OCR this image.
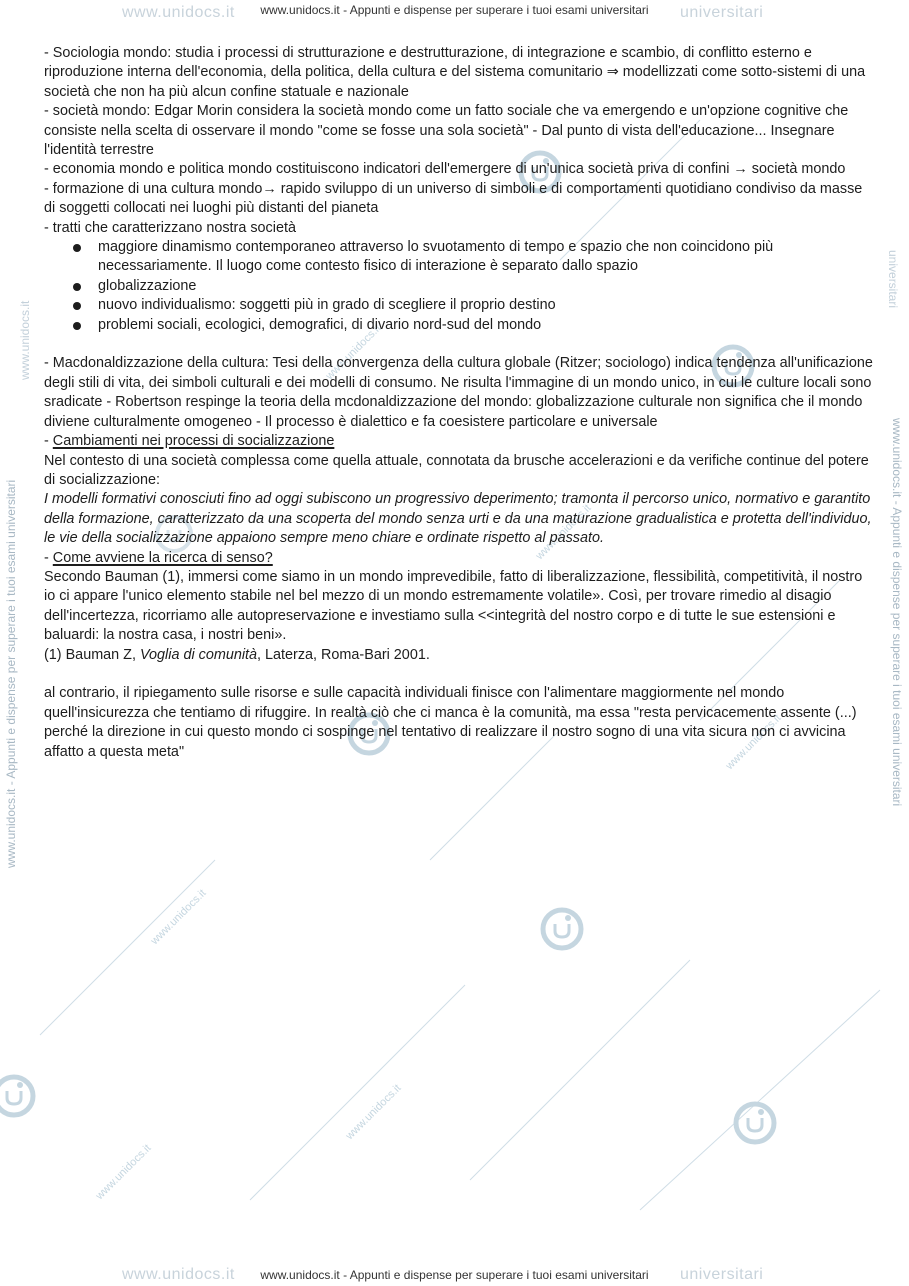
www.unidocs.it	universitari
www.unidocs.it	universitari
www.unidocs.it - Appunti e dispense per superare i tuoi esami universitari	www.unidocs.it - Appunti e dispense per superare i tuoi esami universitari
www.unidocs.it
universitari
www.unidocs.it
www.unidocs.it
www.unidocs.it
www.unidocs.it
www.unidocs.it
www.unidocs.it
www.unidocs.it - Appunti e dispense per superare i tuoi esami universitari
www.unidocs.it - Appunti e dispense per superare i tuoi esami universitari

- Sociologia mondo: studia i processi di strutturazione e destrutturazione, di integrazione e scambio, di conflitto esterno e riproduzione interna dell'economia, della politica, della cultura e del sistema comunitario ⇒ modellizzati come sotto-sistemi di una società che non ha più alcun confine statuale e nazionale

- società mondo: Edgar Morin considera la società mondo come un fatto sociale che va emergendo e un'opzione cognitive che consiste nella scelta di osservare il mondo "come se fosse una sola società" - Dal punto di vista dell'educazione... Insegnare l'identità terrestre

- economia mondo e politica mondo costituiscono indicatori dell'emergere di un'unica società priva di confini → società mondo

- formazione di una cultura mondo→ rapido sviluppo di un universo di simboli e di comportamenti quotidiano condiviso da masse di soggetti collocati nei luoghi più distanti del pianeta

- tratti che caratterizzano nostra società

maggiore dinamismo contemporaneo attraverso lo svuotamento di tempo e spazio che non coincidono più necessariamente. Il luogo come contesto fisico di interazione è separato dallo spazio
globalizzazione
nuovo individualismo: soggetti più in grado di scegliere il proprio destino
problemi sociali, ecologici, demografici, di divario nord-sud del mondo

- Macdonaldizzazione della cultura: Tesi della convergenza della cultura globale (Ritzer; sociologo) indica tendenza all'unificazione degli stili di vita, dei simboli culturali e dei modelli di consumo. Ne risulta l'immagine di un mondo unico, in cui le culture locali sono sradicate - Robertson respinge la teoria della mcdonaldizzazione del mondo: globalizzazione culturale non significa che il mondo diviene culturalmente omogeneo - Il processo è dialettico e fa coesistere particolare e universale

- Cambiamenti nei processi di socializzazione

Nel contesto di una società complessa come quella attuale, connotata da brusche accelerazioni e da verifiche continue del potere di socializzazione:

I modelli formativi conosciuti fino ad oggi subiscono un progressivo deperimento; tramonta il percorso unico, normativo e garantito della formazione, caratterizzato da una scoperta del mondo senza urti e da una maturazione gradualistica e protetta dell'individuo, le vie della socializzazione appaiono sempre meno chiare e ordinate rispetto al passato.

- Come avviene la ricerca di senso?

Secondo Bauman (1), immersi come siamo in un mondo imprevedibile, fatto di liberalizzazione, flessibilità, competitività, il nostro io ci appare l'unico elemento stabile nel bel mezzo di un mondo estremamente volatile». Così, per trovare rimedio al disagio dell'incertezza, ricorriamo alle autopreservazione e investiamo sulla <<integrità del nostro corpo e di tutte le sue estensioni e baluardi: la nostra casa, i nostri beni».

(1) Bauman Z, Voglia di comunità, Laterza, Roma-Bari 2001.

al contrario, il ripiegamento sulle risorse e sulle capacità individuali finisce con l'alimentare maggiormente nel mondo quell'insicurezza che tentiamo di rifuggire. In realtà ciò che ci manca è la comunità, ma essa "resta pervicacemente assente (...) perché la direzione in cui questo mondo ci sospinge nel tentativo di realizzare il nostro sogno di una vita sicura non ci avvicina affatto a questa meta"
